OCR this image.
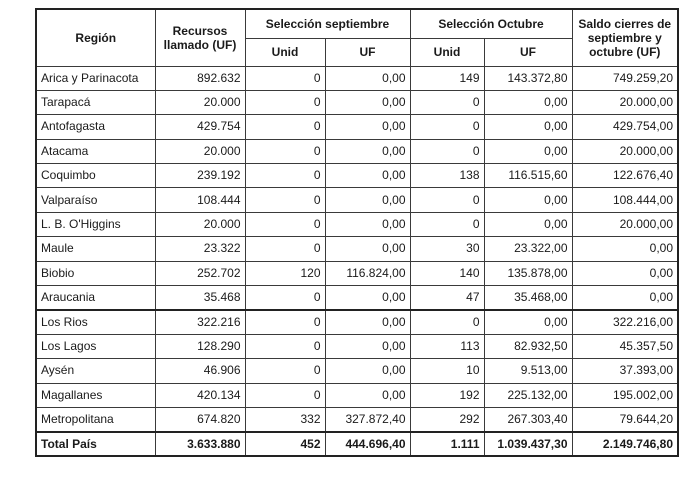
Región	Recursos llamado (UF)	Selección septiembre		Selección Octubre		Saldo cierres de septiembre y octubre (UF)
		Unid	UF	Unid	UF	
Arica y Parinacota	892.632	0	0,00	149	143.372,80	749.259,20
Tarapacá	20.000	0	0,00	0	0,00	20.000,00
Antofagasta	429.754	0	0,00	0	0,00	429.754,00
Atacama	20.000	0	0,00	0	0,00	20.000,00
Coquimbo	239.192	0	0,00	138	116.515,60	122.676,40
Valparaíso	108.444	0	0,00	0	0,00	108.444,00
L. B. O'Higgins	20.000	0	0,00	0	0,00	20.000,00
Maule	23.322	0	0,00	30	23.322,00	0,00
Biobio	252.702	120	116.824,00	140	135.878,00	0,00
Araucania	35.468	0	0,00	47	35.468,00	0,00
Los Rios	322.216	0	0,00	0	0,00	322.216,00
Los Lagos	128.290	0	0,00	113	82.932,50	45.357,50
Aysén	46.906	0	0,00	10	9.513,00	37.393,00
Magallanes	420.134	0	0,00	192	225.132,00	195.002,00
Metropolitana	674.820	332	327.872,40	292	267.303,40	79.644,20
Total País	3.633.880	452	444.696,40	1.111	1.039.437,30	2.149.746,80
